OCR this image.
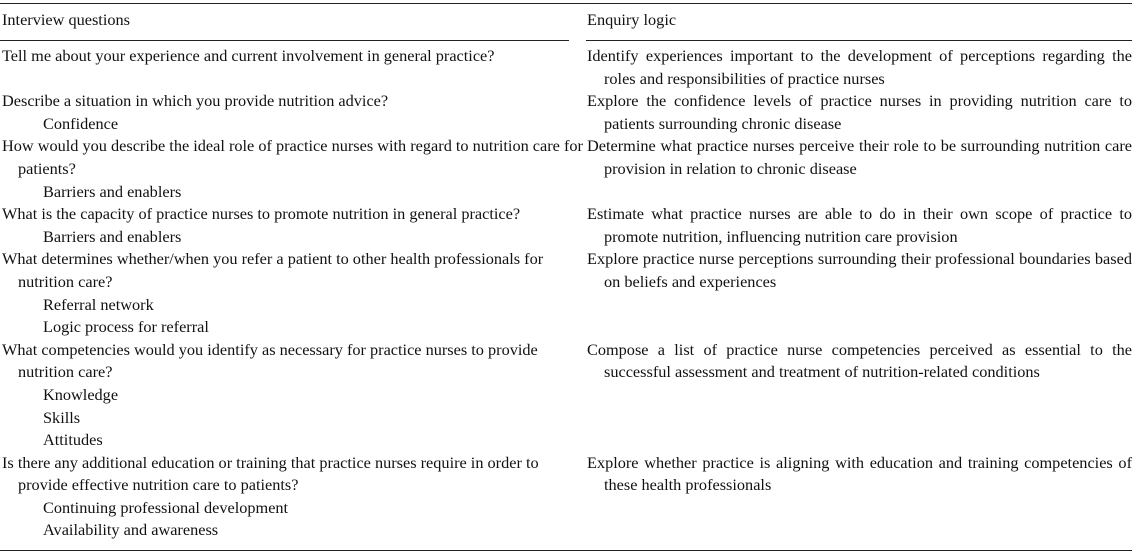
Interview questions	Enquiry logic
Tell me about your experience and current involvement in general practice?	Identify experiences important to the development of perceptions regarding the roles and responsibilities of practice nurses
Describe a situation in which you provide nutrition advice?
Confidence
Explore the confidence levels of practice nurses in providing nutrition care to patients surrounding chronic disease
How would you describe the ideal role of practice nurses with regard to nutrition care for patients?
Barriers and enablers
Determine what practice nurses perceive their role to be surrounding nutrition care provision in relation to chronic disease
What is the capacity of practice nurses to promote nutrition in general practice?
Barriers and enablers
Estimate what practice nurses are able to do in their own scope of practice to promote nutrition, influencing nutrition care provision
What determines whether/when you refer a patient to other health professionals for nutrition care?
Referral network
Logic process for referral
Explore practice nurse perceptions surrounding their professional boundaries based on beliefs and experiences
What competencies would you identify as necessary for practice nurses to provide nutrition care?
Knowledge
Skills
Attitudes
Compose a list of practice nurse competencies perceived as essential to the successful assessment and treatment of nutrition-related conditions
Is there any additional education or training that practice nurses require in order to provide effective nutrition care to patients?
Continuing professional development
Availability and awareness
Explore whether practice is aligning with education and training competencies of these health professionals
